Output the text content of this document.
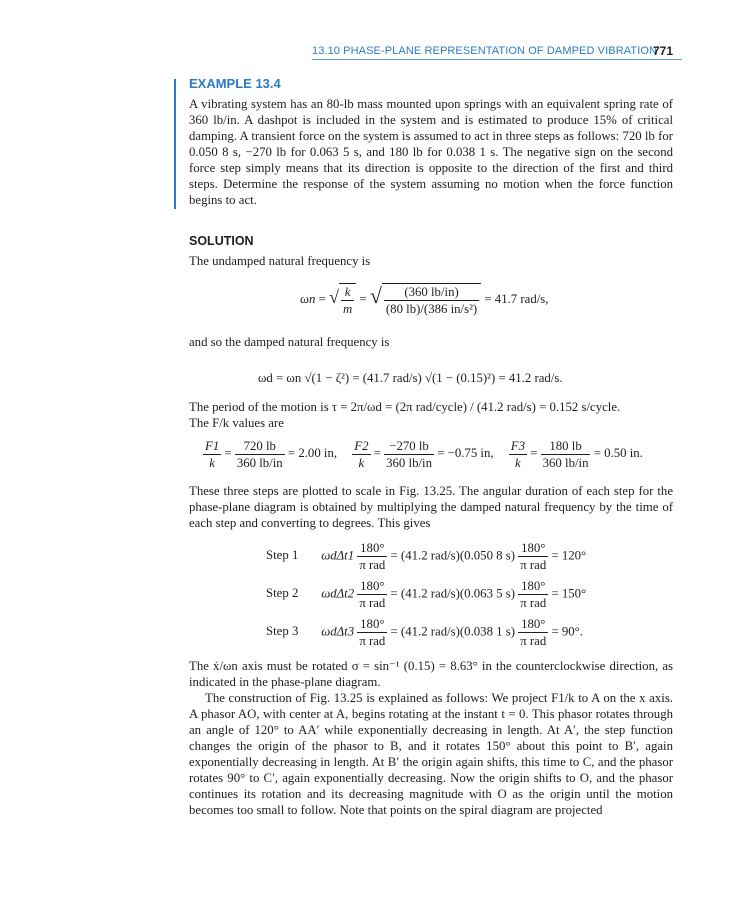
13.10 PHASE-PLANE REPRESENTATION OF DAMPED VIBRATION
771
EXAMPLE 13.4
A vibrating system has an 80-lb mass mounted upon springs with an equivalent spring rate of 360 lb/in. A dashpot is included in the system and is estimated to produce 15% of critical damping. A transient force on the system is assumed to act in three steps as follows: 720 lb for 0.050 8 s, −270 lb for 0.063 5 s, and 180 lb for 0.038 1 s. The negative sign on the second force step simply means that its direction is opposite to the direction of the first and third steps. Determine the response of the system assuming no motion when the force function begins to act.
SOLUTION
The undamped natural frequency is
ωn = √ $\frac{k}{m}$ = √ $\frac{(360 lb/in)}{\text{(80 lb)/(386 in/s²)}} = 41.7$ rad/s,
and so the damped natural frequency is
ωd = ωn √(1 − ζ²) = (41.7 rad/s) √(1 − (0.15)²) = 41.2 rad/s.
The period of the motion is τ = 2π/ωd = (2π rad/cycle) / (41.2 rad/s) = 0.152 s/cycle.
The F/k values are
$\frac{F1}{k} = \frac{720 lb}{360 lb/in} = 2.00$ in, $\frac{F2}{k} = \frac{-270 lb}{360 lb/in} = -0.75$ in, $\frac{F3}{k} = \frac{180 lb}{360 lb/in} = 0.50$ in.
These three steps are plotted to scale in Fig. 13.25. The angular duration of each step for the phase-plane diagram is obtained by multiplying the damped natural frequency by the time of each step and converting to degrees. This gives
Step 1 $\omega d\Delta t1 \frac{180^\circ}{\text{π rad}} = (41.2$ rad/s)(0.050 8 $s) \frac{180^\circ}{\text{π rad}} = 120^\circ$
Step 2 $\omega d\Delta t2 \frac{180^\circ}{\text{π rad}} = (41.2$ rad/s)(0.063 5 $s) \frac{180^\circ}{\text{π rad}} = 150^\circ$
Step 3 $\omega d\Delta t3 \frac{180^\circ}{\text{π rad}} = (41.2$ rad/s)(0.038 1 $s) \frac{180^\circ}{\text{π rad}} = 90^\circ$.
The ẋ/ωn axis must be rotated σ = sin⁻¹ (0.15) = 8.63° in the counterclockwise direction, as indicated in the phase-plane diagram.
The construction of Fig. 13.25 is explained as follows: We project F1/k to A on the x axis. A phasor AO, with center at A, begins rotating at the instant t = 0. This phasor rotates through an angle of 120° to AA′ while exponentially decreasing in length. At A′, the step function changes the origin of the phasor to B, and it rotates 150° about this point to B′, again exponentially decreasing in length. At B′ the origin again shifts, this time to C, and the phasor rotates 90° to C′, again exponentially decreasing. Now the origin shifts to O, and the phasor continues its rotation and its decreasing magnitude with O as the origin until the motion becomes too small to follow. Note that points on the spiral diagram are projected
